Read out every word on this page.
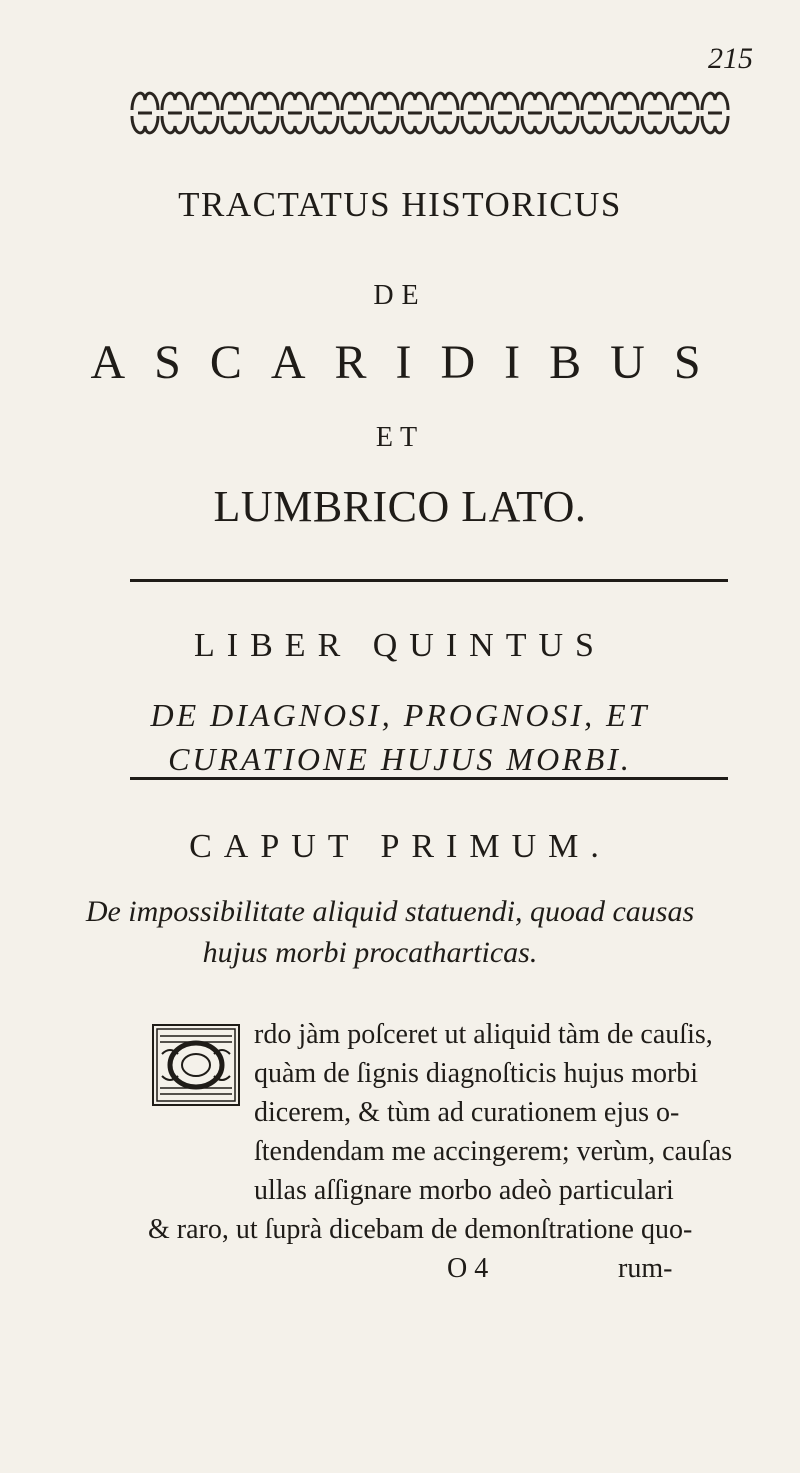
215
TRACTATUS HISTORICUS
DE
ASCARIDIBUS
ET
LUMBRICO LATO.
LIBER QUINTUS
DE DIAGNOSI, PROGNOSI, ET
CURATIONE HUJUS MORBI.
CAPUT PRIMUM.
De impossibilitate aliquid statuendi, quoad causas
hujus morbi procatharticas.
rdo jàm poſceret ut aliquid tàm de cauſis,
quàm de ſignis diagnoſticis hujus morbi
dicerem, & tùm ad curationem ejus o-
ſtendendam me accingerem; verùm, cauſas
ullas aſſignare morbo adeò particulari
& raro, ut ſuprà dicebam de demonſtratione quo-
O 4	rum-
